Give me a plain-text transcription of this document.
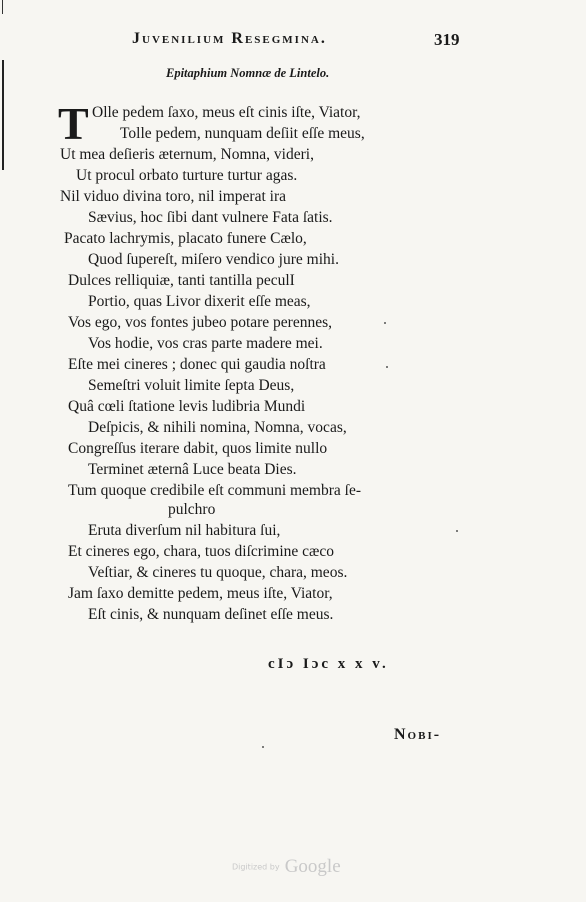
Juvenilium Resegmina.	319
Epitaphium Nomnæ de Lintelo.
T Olle pedem ſaxo, meus eſt cinis iſte, Viator,
Tolle pedem, nunquam deſiit eſſe meus,
Ut mea deſieris æternum, Nomna, videri,
Ut procul orbato turture turtur agas.
Nil viduo divina toro, nil imperat ira
Sævius, hoc ſibi dant vulnere Fata ſatis.
Pacato lachrymis, placato funere Cælo,
Quod ſupereſt, miſero vendico jure mihi.
Dulces relliquiæ, tanti tantilla peculI
Portio, quas Livor dixerit eſſe meas,
Vos ego, vos fontes jubeo potare perennes,
Vos hodie, vos cras parte madere mei.
Eſte mei cineres ; donec qui gaudia noſtra
Semeſtri voluit limite ſepta Deus,
Quâ cœli ſtatione levis ludibria Mundi
Deſpicis, & nihili nomina, Nomna, vocas,
Congreſſus iterare dabit, quos limite nullo
Terminet æternâ Luce beata Dies.
Tum quoque credibile eſt communi membra ſe-
pulchro
Eruta diverſum nil habitura ſui,
Et cineres ego, chara, tuos diſcrimine cæco
Veſtiar, & cineres tu quoque, chara, meos.
Jam ſaxo demitte pedem, meus iſte, Viator,
Eſt cinis, & nunquam deſinet eſſe meus.
cIɔ Iɔc x x v.
Nobi-
Digitized by Google
